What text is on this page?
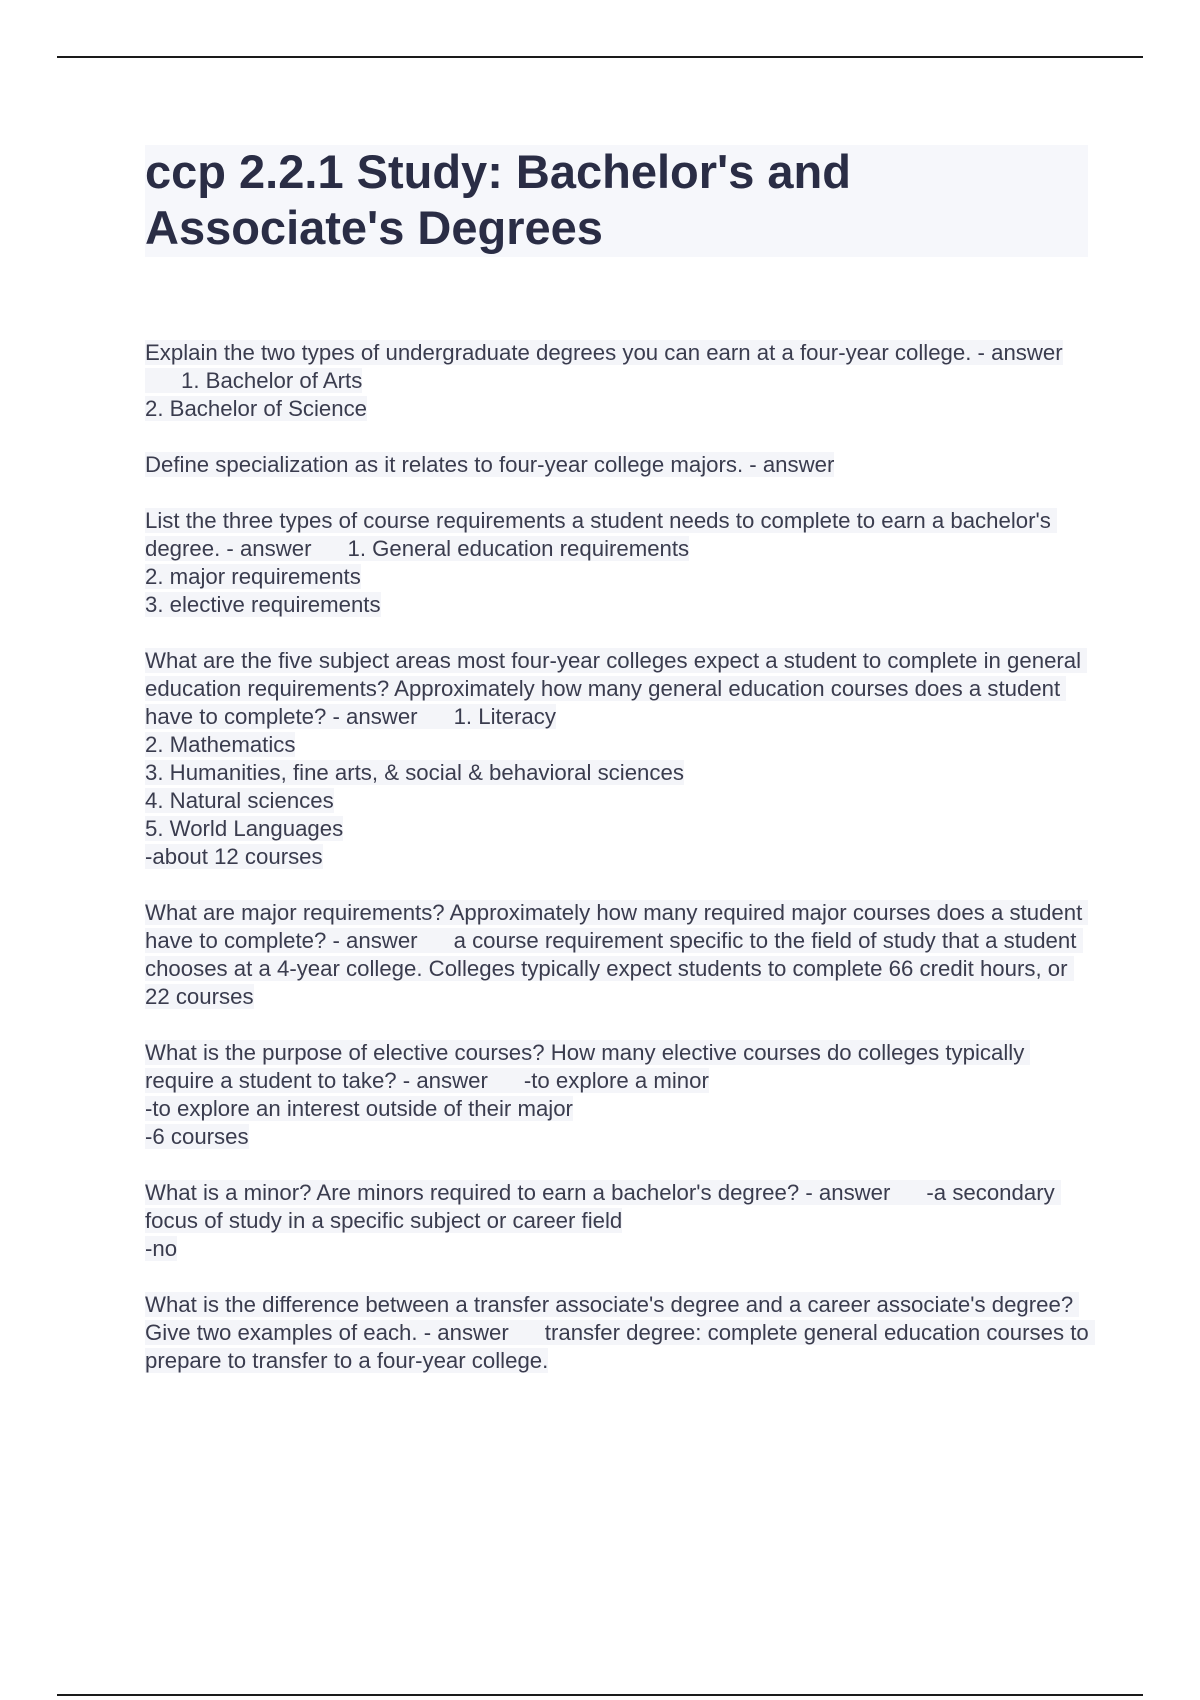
ccp 2.2.1 Study: Bachelor's and
Associate's Degrees

Explain the two types of undergraduate degrees you can earn at a four-year college. - answer1. Bachelor of Arts
2. Bachelor of Science

Define specialization as it relates to four-year college majors. - answer

List the three types of course requirements a student needs to complete to earn a bachelor's degree. - answer 1. General education requirements
2. major requirements
3. elective requirements

What are the five subject areas most four-year colleges expect a student to complete in general education requirements? Approximately how many general education courses does a student have to complete? - answer 1. Literacy
2. Mathematics
3. Humanities, fine arts, & social & behavioral sciences
4. Natural sciences
5. World Languages
-about 12 courses

What are major requirements? Approximately how many required major courses does a student have to complete? - answer a course requirement specific to the field of study that a student chooses at a 4-year college. Colleges typically expect students to complete 66 credit hours, or 22 courses

What is the purpose of elective courses? How many elective courses do colleges typically require a student to take? - answer -to explore a minor
-to explore an interest outside of their major
-6 courses

What is a minor? Are minors required to earn a bachelor's degree? - answer -a secondary focus of study in a specific subject or career field
-no

What is the difference between a transfer associate's degree and a career associate's degree? Give two examples of each. - answer transfer degree: complete general education courses to prepare to transfer to a four-year college.
